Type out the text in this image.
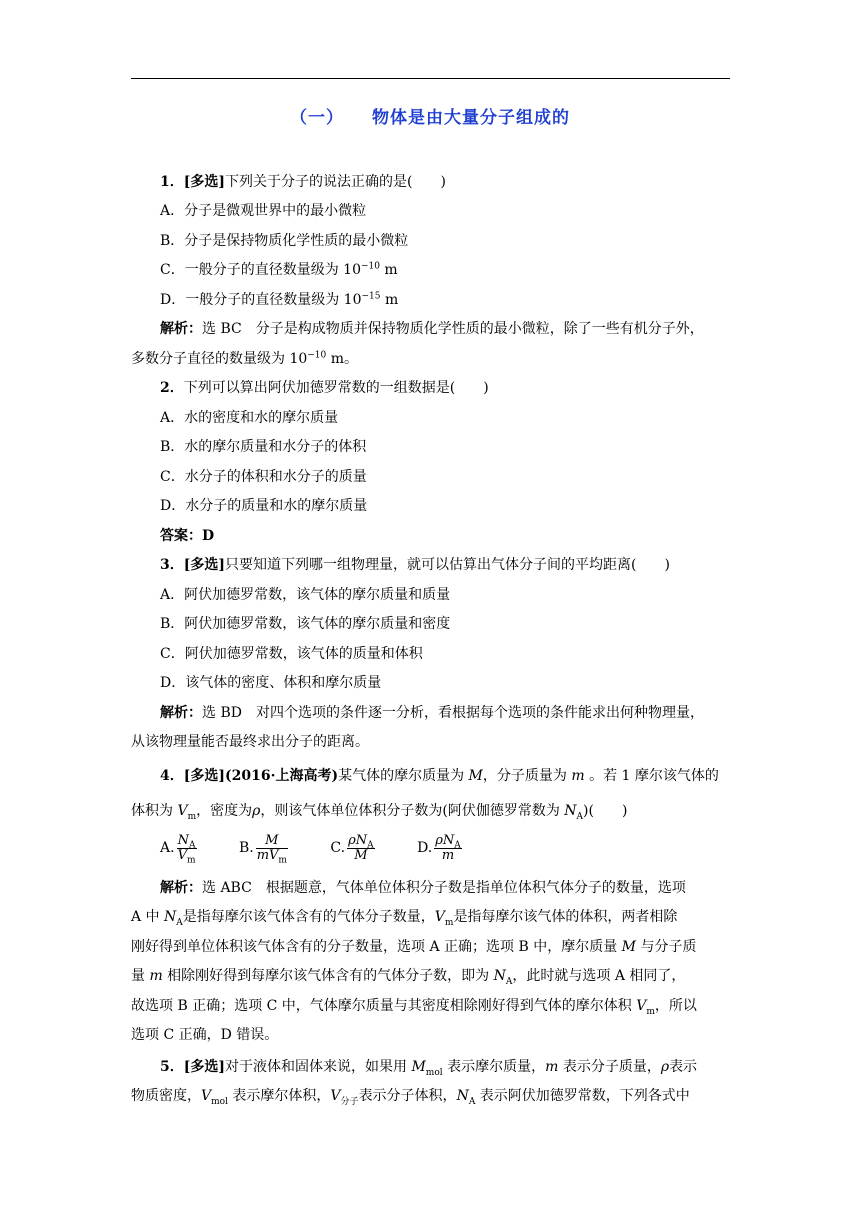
（一） 物体是由大量分子组成的
1．[多选]下列关于分子的说法正确的是(　　)
A．分子是微观世界中的最小微粒
B．分子是保持物质化学性质的最小微粒
C．一般分子的直径数量级为 $10^{-10}$ m
D．一般分子的直径数量级为 $10^{-15}$ m
解析：选 BC　分子是构成物质并保持物质化学性质的最小微粒，除了一些有机分子外，
多数分子直径的数量级为 $10^{-10}$ m。
2．下列可以算出阿伏加德罗常数的一组数据是(　　)
A．水的密度和水的摩尔质量
B．水的摩尔质量和水分子的体积
C．水分子的体积和水分子的质量
D．水分子的质量和水的摩尔质量
答案：D
3．[多选]只要知道下列哪一组物理量，就可以估算出气体分子间的平均距离(　　)
A．阿伏加德罗常数，该气体的摩尔质量和质量
B．阿伏加德罗常数，该气体的摩尔质量和密度
C．阿伏加德罗常数，该气体的质量和体积
D．该气体的密度、体积和摩尔质量
解析：选 BD　对四个选项的条件逐一分析，看根据每个选项的条件能求出何种物理量，
从该物理量能否最终求出分子的距离。
4．[多选](2016·上海高考)某气体的摩尔质量为 M，分子质量为 m 。若 1 摩尔该气体的
体积为 $V_m$，密度为ρ，则该气体单位体积分子数为(阿伏伽德罗常数为 $N_A$)(　　)
A. $\frac{N_A}{V_m}$	B. $\frac{M}{mV_m}$	C. $\frac{\rho N_A}{M}$	D. $\frac{\rho N_A}{m}$
解析：选 ABC　根据题意，气体单位体积分子数是指单位体积气体分子的数量，选项
A 中 $N_A$是指每摩尔该气体含有的气体分子数量，$V_m$是指每摩尔该气体的体积，两者相除
刚好得到单位体积该气体含有的分子数量，选项 A 正确；选项 B 中，摩尔质量 M 与分子质
量 m 相除刚好得到每摩尔该气体含有的气体分子数，即为 $N_A$，此时就与选项 A 相同了，
故选项 B 正确；选项 C 中，气体摩尔质量与其密度相除刚好得到气体的摩尔体积 $V_m$，所以
选项 C 正确，D 错误。
5．[多选]对于液体和固体来说，如果用 $M_{mol}$ 表示摩尔质量，m 表示分子质量，ρ表示
物质密度，$V_{mol}$ 表示摩尔体积，$V_{分子}$表示分子体积，$N_A$ 表示阿伏加德罗常数，下列各式中
